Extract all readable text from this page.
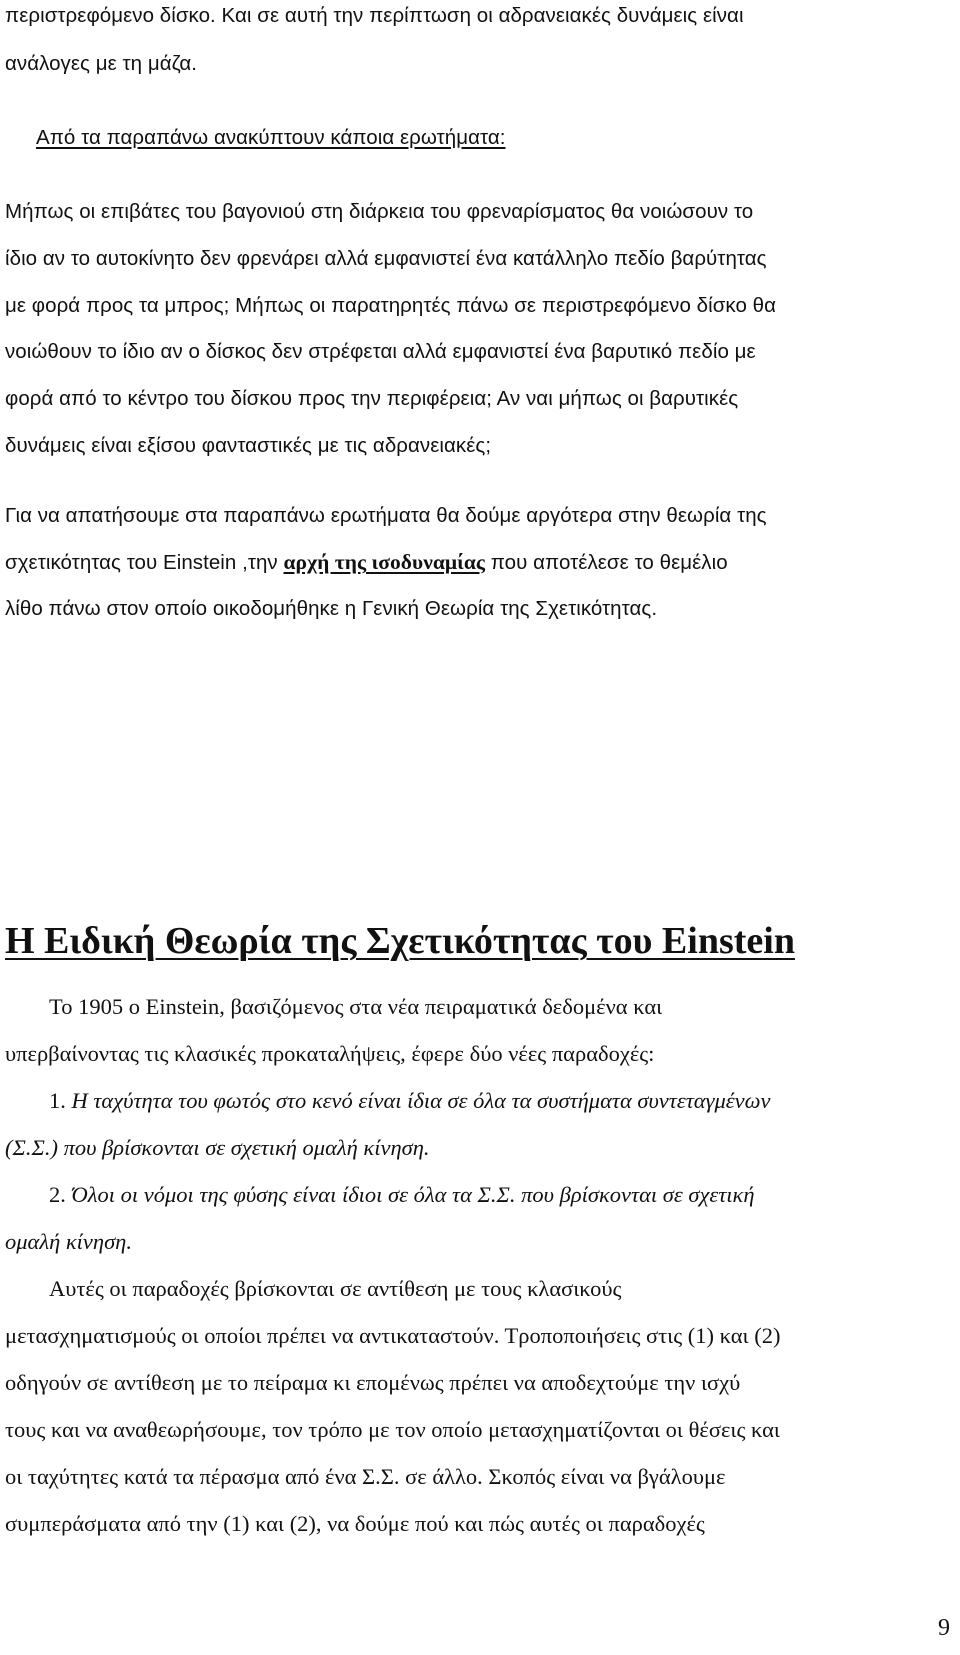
περιστρεφόμενο δίσκο. Και σε αυτή την περίπτωση οι αδρανειακές δυνάμεις είναι
ανάλογες με τη μάζα.
Από τα παραπάνω ανακύπτουν κάποια ερωτήματα:
Μήπως οι επιβάτες του βαγονιού στη διάρκεια του φρεναρίσματος θα νοιώσουν το
ίδιο αν το αυτοκίνητο δεν φρενάρει αλλά εμφανιστεί ένα κατάλληλο πεδίο βαρύτητας
με φορά προς τα μπρος; Μήπως οι παρατηρητές πάνω σε περιστρεφόμενο δίσκο θα
νοιώθουν το ίδιο αν ο δίσκος δεν στρέφεται αλλά εμφανιστεί ένα βαρυτικό πεδίο με
φορά από το κέντρο του δίσκου προς την περιφέρεια; Αν ναι μήπως οι βαρυτικές
δυνάμεις είναι εξίσου φανταστικές με τις αδρανειακές;
Για να απατήσουμε στα παραπάνω ερωτήματα θα δούμε αργότερα στην θεωρία της
σχετικότητας του Einstein ,την αρχή της ισοδυναμίας που αποτέλεσε το θεμέλιο
λίθο πάνω στον οποίο οικοδομήθηκε η Γενική Θεωρία της Σχετικότητας.
Η Ειδική Θεωρία της Σχετικότητας του Einstein
Το 1905 ο Einstein, βασιζόμενος στα νέα πειραματικά δεδομένα και
υπερβαίνοντας τις κλασικές προκαταλήψεις, έφερε δύο νέες παραδοχές:
1. Η ταχύτητα του φωτός στο κενό είναι ίδια σε όλα τα συστήματα συντεταγμένων
(Σ.Σ.) που βρίσκονται σε σχετική ομαλή κίνηση.
2. Όλοι οι νόμοι της φύσης είναι ίδιοι σε όλα τα Σ.Σ. που βρίσκονται σε σχετική
ομαλή κίνηση.
Αυτές οι παραδοχές βρίσκονται σε αντίθεση με τους κλασικούς
μετασχηματισμούς οι οποίοι πρέπει να αντικαταστούν. Τροποποιήσεις στις (1) και (2)
οδηγούν σε αντίθεση με το πείραμα κι επομένως πρέπει να αποδεχτούμε την ισχύ
τους και να αναθεωρήσουμε, τον τρόπο με τον οποίο μετασχηματίζονται οι θέσεις και
οι ταχύτητες κατά τα πέρασμα από ένα Σ.Σ. σε άλλο. Σκοπός είναι να βγάλουμε
συμπεράσματα από την (1) και (2), να δούμε πού και πώς αυτές οι παραδοχές
9
